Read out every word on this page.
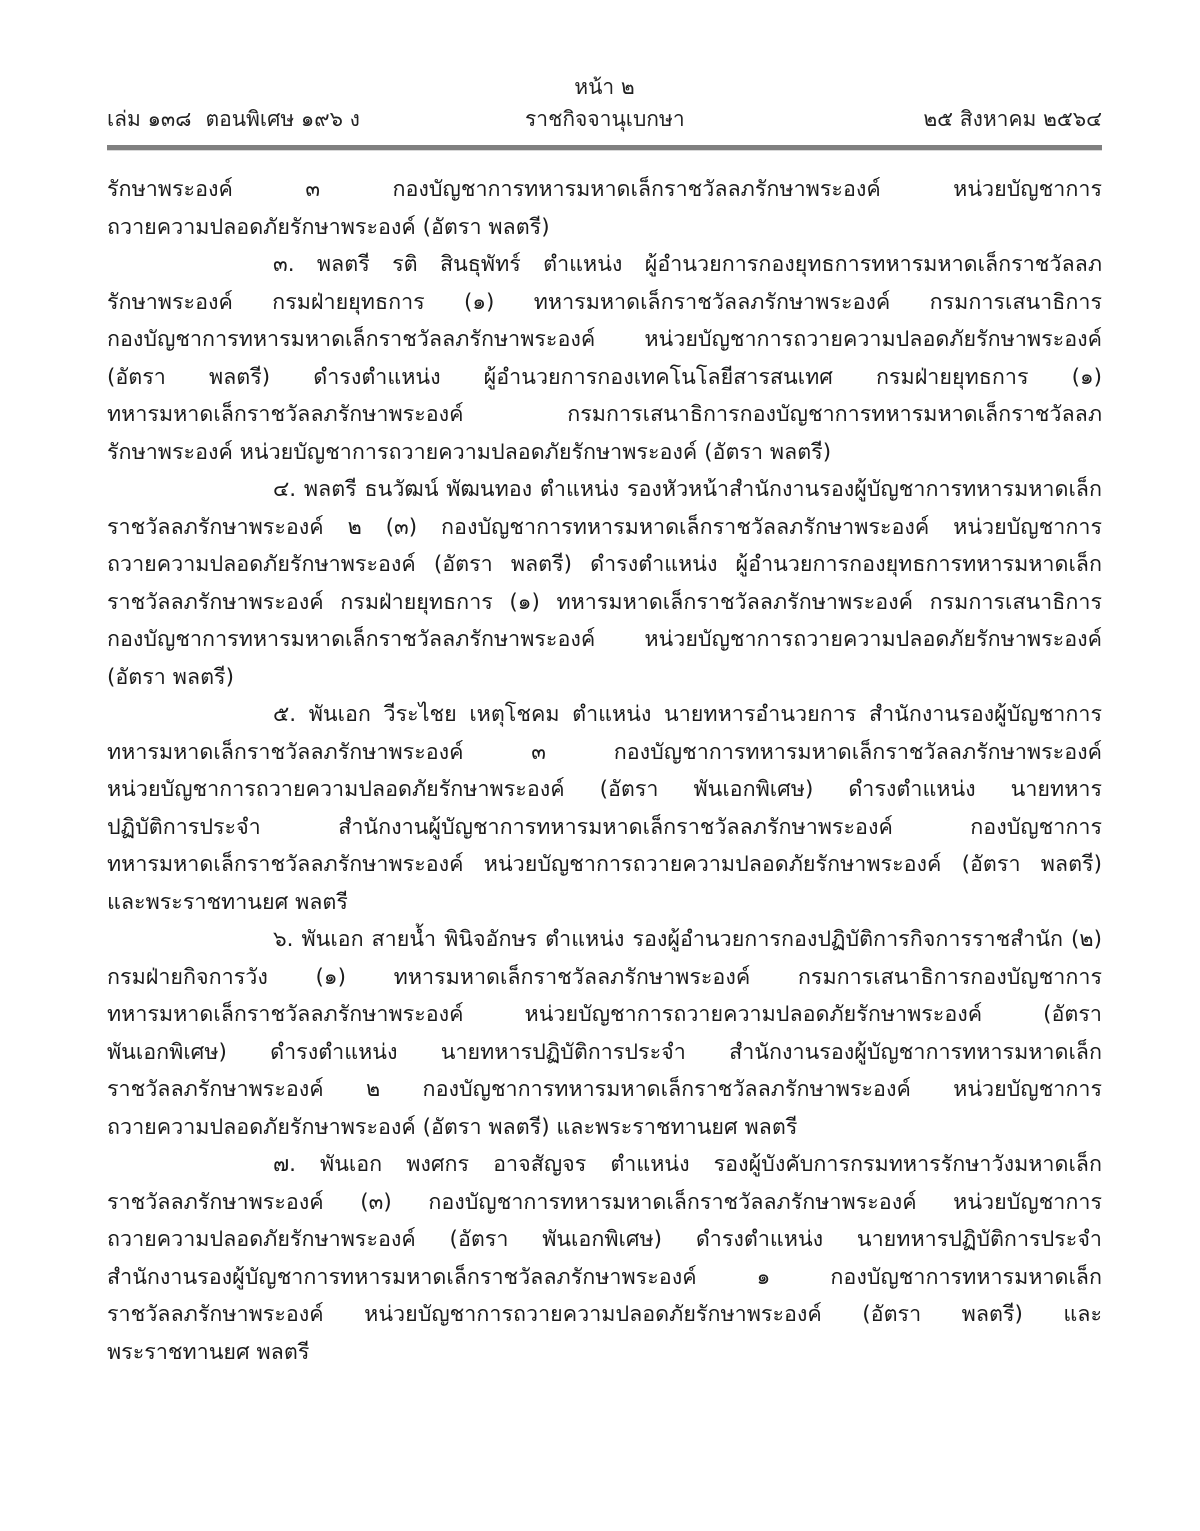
หน้า ๒
เล่ม ๑๓๘ ตอนพิเศษ ๑๙๖ ง	ราชกิจจานุเบกษา	๒๕ สิงหาคม ๒๕๖๔
รักษาพระองค์ ๓ กองบัญชาการทหารมหาดเล็กราชวัลลภรักษาพระองค์ หน่วยบัญชาการ
ถวายความปลอดภัยรักษาพระองค์ (อัตรา พลตรี)
๓. พลตรี รติ สินธุพัทร์ ตำแหน่ง ผู้อำนวยการกองยุทธการทหารมหาดเล็กราชวัลลภ
รักษาพระองค์ กรมฝ่ายยุทธการ (๑) ทหารมหาดเล็กราชวัลลภรักษาพระองค์ กรมการเสนาธิการ
กองบัญชาการทหารมหาดเล็กราชวัลลภรักษาพระองค์ หน่วยบัญชาการถวายความปลอดภัยรักษาพระองค์
(อัตรา พลตรี) ดำรงตำแหน่ง ผู้อำนวยการกองเทคโนโลยีสารสนเทศ กรมฝ่ายยุทธการ (๑)
ทหารมหาดเล็กราชวัลลภรักษาพระองค์ กรมการเสนาธิการกองบัญชาการทหารมหาดเล็กราชวัลลภ
รักษาพระองค์ หน่วยบัญชาการถวายความปลอดภัยรักษาพระองค์ (อัตรา พลตรี)
๔. พลตรี ธนวัฒน์ พัฒนทอง ตำแหน่ง รองหัวหน้าสำนักงานรองผู้บัญชาการทหารมหาดเล็ก
ราชวัลลภรักษาพระองค์ ๒ (๓) กองบัญชาการทหารมหาดเล็กราชวัลลภรักษาพระองค์ หน่วยบัญชาการ
ถวายความปลอดภัยรักษาพระองค์ (อัตรา พลตรี) ดำรงตำแหน่ง ผู้อำนวยการกองยุทธการทหารมหาดเล็ก
ราชวัลลภรักษาพระองค์ กรมฝ่ายยุทธการ (๑) ทหารมหาดเล็กราชวัลลภรักษาพระองค์ กรมการเสนาธิการ
กองบัญชาการทหารมหาดเล็กราชวัลลภรักษาพระองค์ หน่วยบัญชาการถวายความปลอดภัยรักษาพระองค์
(อัตรา พลตรี)
๕. พันเอก วีระไชย เหตุโชคม ตำแหน่ง นายทหารอำนวยการ สำนักงานรองผู้บัญชาการ
ทหารมหาดเล็กราชวัลลภรักษาพระองค์ ๓ กองบัญชาการทหารมหาดเล็กราชวัลลภรักษาพระองค์
หน่วยบัญชาการถวายความปลอดภัยรักษาพระองค์ (อัตรา พันเอกพิเศษ) ดำรงตำแหน่ง นายทหาร
ปฏิบัติการประจำ สำนักงานผู้บัญชาการทหารมหาดเล็กราชวัลลภรักษาพระองค์ กองบัญชาการ
ทหารมหาดเล็กราชวัลลภรักษาพระองค์ หน่วยบัญชาการถวายความปลอดภัยรักษาพระองค์ (อัตรา พลตรี)
และพระราชทานยศ พลตรี
๖. พันเอก สายน้ำ พินิจอักษร ตำแหน่ง รองผู้อำนวยการกองปฏิบัติการกิจการราชสำนัก (๒)
กรมฝ่ายกิจการวัง (๑) ทหารมหาดเล็กราชวัลลภรักษาพระองค์ กรมการเสนาธิการกองบัญชาการ
ทหารมหาดเล็กราชวัลลภรักษาพระองค์ หน่วยบัญชาการถวายความปลอดภัยรักษาพระองค์ (อัตรา
พันเอกพิเศษ) ดำรงตำแหน่ง นายทหารปฏิบัติการประจำ สำนักงานรองผู้บัญชาการทหารมหาดเล็ก
ราชวัลลภรักษาพระองค์ ๒ กองบัญชาการทหารมหาดเล็กราชวัลลภรักษาพระองค์ หน่วยบัญชาการ
ถวายความปลอดภัยรักษาพระองค์ (อัตรา พลตรี) และพระราชทานยศ พลตรี
๗. พันเอก พงศกร อาจสัญจร ตำแหน่ง รองผู้บังคับการกรมทหารรักษาวังมหาดเล็ก
ราชวัลลภรักษาพระองค์ (๓) กองบัญชาการทหารมหาดเล็กราชวัลลภรักษาพระองค์ หน่วยบัญชาการ
ถวายความปลอดภัยรักษาพระองค์ (อัตรา พันเอกพิเศษ) ดำรงตำแหน่ง นายทหารปฏิบัติการประจำ
สำนักงานรองผู้บัญชาการทหารมหาดเล็กราชวัลลภรักษาพระองค์ ๑ กองบัญชาการทหารมหาดเล็ก
ราชวัลลภรักษาพระองค์ หน่วยบัญชาการถวายความปลอดภัยรักษาพระองค์ (อัตรา พลตรี) และ
พระราชทานยศ พลตรี
